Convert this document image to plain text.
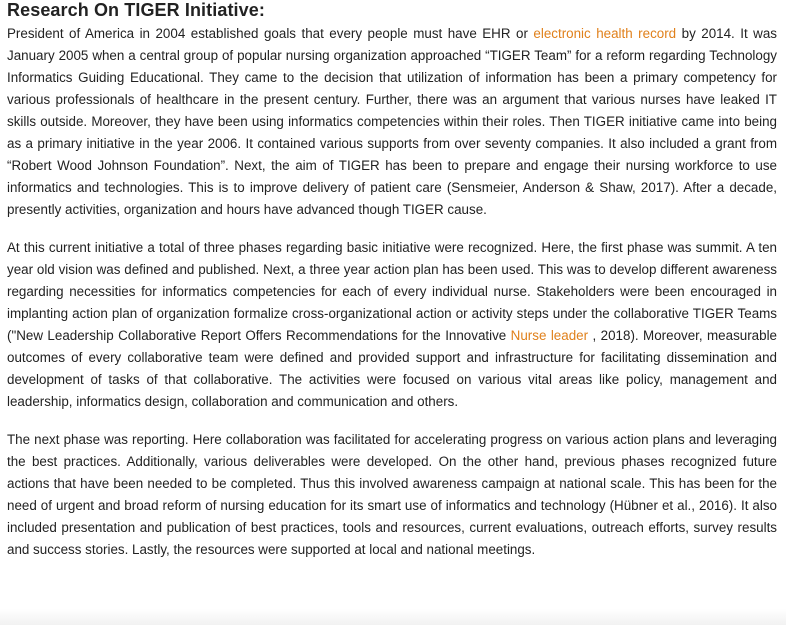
Research On TIGER Initiative:

President of America in 2004 established goals that every people must have EHR or electronic health record by 2014. It was January 2005 when a central group of popular nursing organization approached “TIGER Team” for a reform regarding Technology Informatics Guiding Educational. They came to the decision that utilization of information has been a primary competency for various professionals of healthcare in the present century. Further, there was an argument that various nurses have leaked IT skills outside. Moreover, they have been using informatics competencies within their roles. Then TIGER initiative came into being as a primary initiative in the year 2006. It contained various supports from over seventy companies. It also included a grant from “Robert Wood Johnson Foundation”. Next, the aim of TIGER has been to prepare and engage their nursing workforce to use informatics and technologies. This is to improve delivery of patient care (Sensmeier, Anderson & Shaw, 2017). After a decade, presently activities, organization and hours have advanced though TIGER cause.

At this current initiative a total of three phases regarding basic initiative were recognized. Here, the first phase was summit. A ten year old vision was defined and published. Next, a three year action plan has been used. This was to develop different awareness regarding necessities for informatics competencies for each of every individual nurse. Stakeholders were been encouraged in implanting action plan of organization formalize cross-organizational action or activity steps under the collaborative TIGER Teams ("New Leadership Collaborative Report Offers Recommendations for the Innovative Nurse leader , 2018). Moreover, measurable outcomes of every collaborative team were defined and provided support and infrastructure for facilitating dissemination and development of tasks of that collaborative. The activities were focused on various vital areas like policy, management and leadership, informatics design, collaboration and communication and others.

The next phase was reporting. Here collaboration was facilitated for accelerating progress on various action plans and leveraging the best practices. Additionally, various deliverables were developed. On the other hand, previous phases recognized future actions that have been needed to be completed. Thus this involved awareness campaign at national scale. This has been for the need of urgent and broad reform of nursing education for its smart use of informatics and technology (Hübner et al., 2016). It also included presentation and publication of best practices, tools and resources, current evaluations, outreach efforts, survey results and success stories. Lastly, the resources were supported at local and national meetings.
